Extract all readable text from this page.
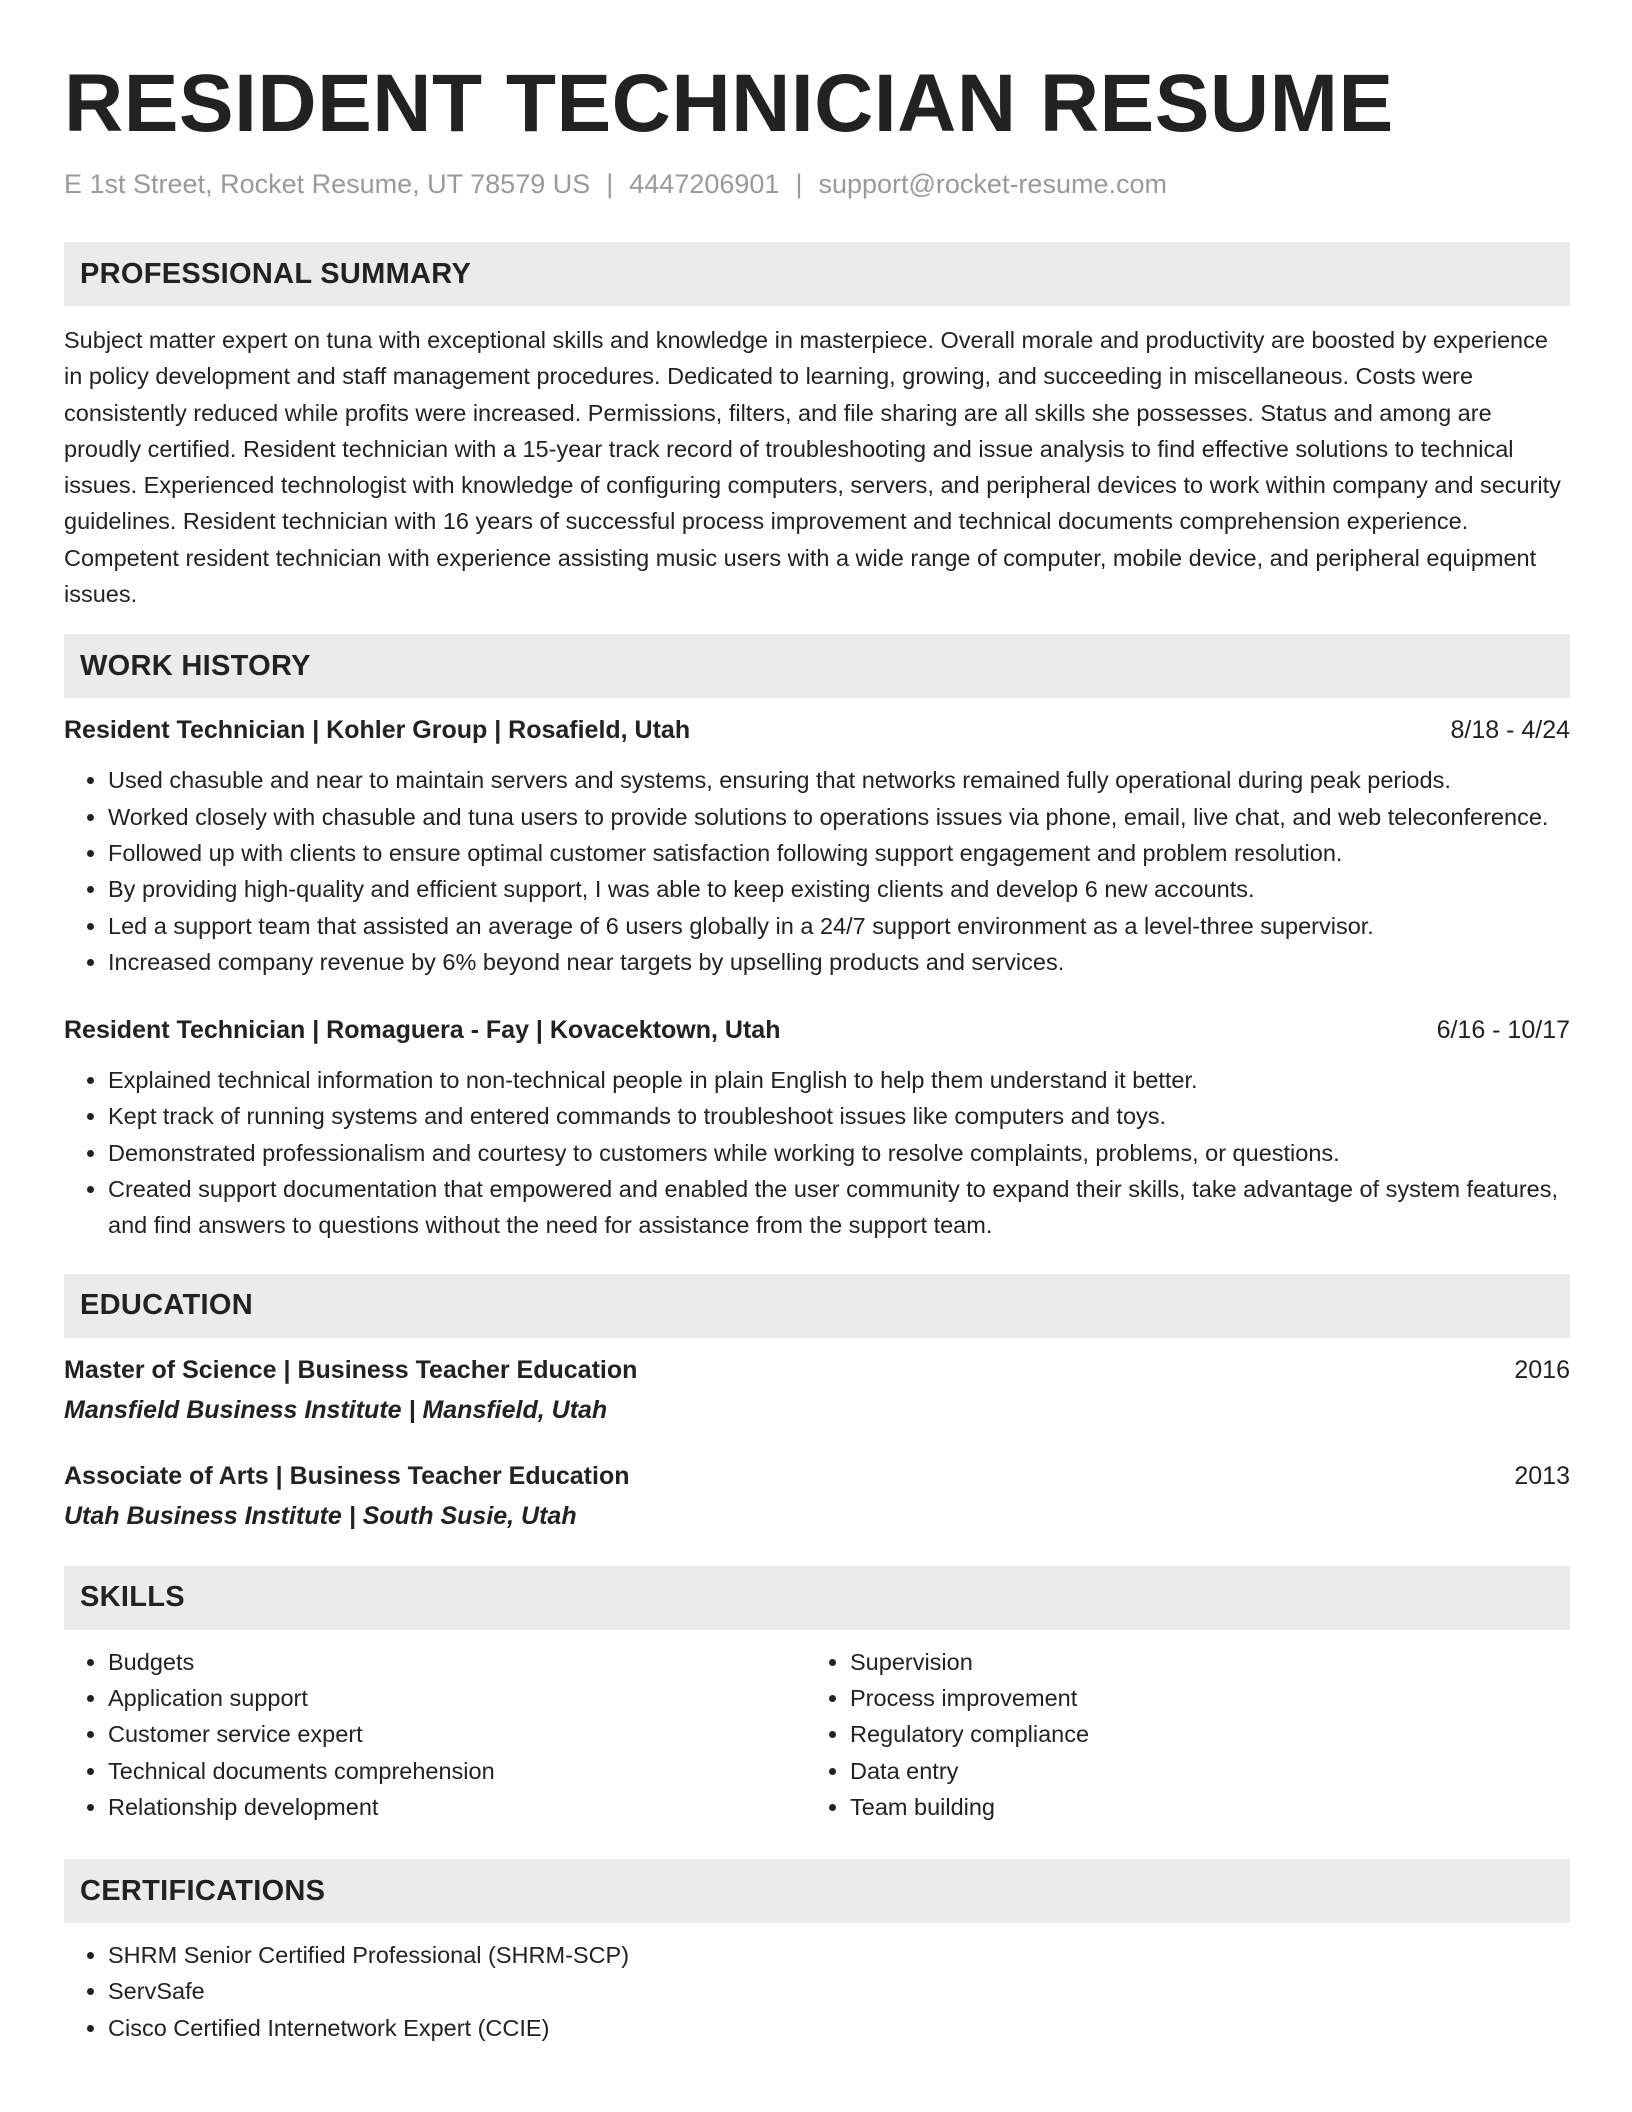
RESIDENT TECHNICIAN RESUME
E 1st Street, Rocket Resume, UT 78579 US | 4447206901 | support@rocket-resume.com
PROFESSIONAL SUMMARY

Subject matter expert on tuna with exceptional skills and knowledge in masterpiece. Overall morale and productivity are boosted by experience in policy development and staff management procedures. Dedicated to learning, growing, and succeeding in miscellaneous. Costs were consistently reduced while profits were increased. Permissions, filters, and file sharing are all skills she possesses. Status and among are proudly certified. Resident technician with a 15-year track record of troubleshooting and issue analysis to find effective solutions to technical issues. Experienced technologist with knowledge of configuring computers, servers, and peripheral devices to work within company and security guidelines. Resident technician with 16 years of successful process improvement and technical documents comprehension experience. Competent resident technician with experience assisting music users with a wide range of computer, mobile device, and peripheral equipment issues.

WORK HISTORY
Resident Technician | Kohler Group | Rosafield, Utah	8/18 - 4/24
• Used chasuble and near to maintain servers and systems, ensuring that networks remained fully operational during peak periods.
• Worked closely with chasuble and tuna users to provide solutions to operations issues via phone, email, live chat, and web teleconference.
• Followed up with clients to ensure optimal customer satisfaction following support engagement and problem resolution.
• By providing high-quality and efficient support, I was able to keep existing clients and develop 6 new accounts.
• Led a support team that assisted an average of 6 users globally in a 24/7 support environment as a level-three supervisor.
• Increased company revenue by 6% beyond near targets by upselling products and services.
Resident Technician | Romaguera - Fay | Kovacektown, Utah	6/16 - 10/17
• Explained technical information to non-technical people in plain English to help them understand it better.
• Kept track of running systems and entered commands to troubleshoot issues like computers and toys.
• Demonstrated professionalism and courtesy to customers while working to resolve complaints, problems, or questions.
• Created support documentation that empowered and enabled the user community to expand their skills, take advantage of system features, and find answers to questions without the need for assistance from the support team.
EDUCATION
Master of Science | Business Teacher Education	2016
Mansfield Business Institute | Mansfield, Utah
Associate of Arts | Business Teacher Education	2013
Utah Business Institute | South Susie, Utah
SKILLS
• Budgets
• Application support
• Customer service expert
• Technical documents comprehension
• Relationship development
• Supervision
• Process improvement
• Regulatory compliance
• Data entry
• Team building
CERTIFICATIONS
• SHRM Senior Certified Professional (SHRM-SCP)
• ServSafe
• Cisco Certified Internetwork Expert (CCIE)
